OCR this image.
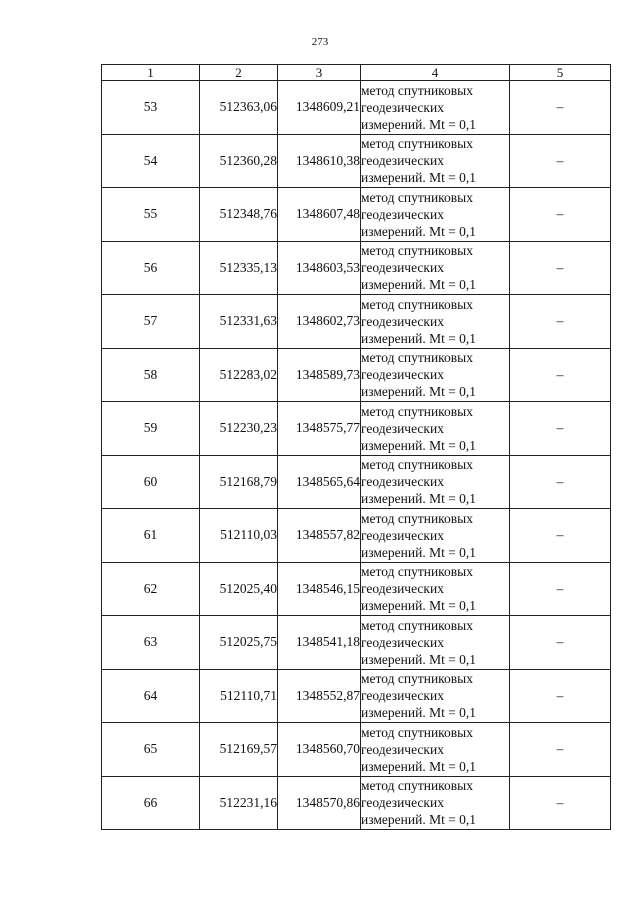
273
1	2	3	4	5
53	512363,06	1348609,21	метод спутниковых
геодезических
измерений. Mt = 0,1	–
54	512360,28	1348610,38	метод спутниковых
геодезических
измерений. Mt = 0,1	–
55	512348,76	1348607,48	метод спутниковых
геодезических
измерений. Mt = 0,1	–
56	512335,13	1348603,53	метод спутниковых
геодезических
измерений. Mt = 0,1	–
57	512331,63	1348602,73	метод спутниковых
геодезических
измерений. Mt = 0,1	–
58	512283,02	1348589,73	метод спутниковых
геодезических
измерений. Mt = 0,1	–
59	512230,23	1348575,77	метод спутниковых
геодезических
измерений. Mt = 0,1	–
60	512168,79	1348565,64	метод спутниковых
геодезических
измерений. Mt = 0,1	–
61	512110,03	1348557,82	метод спутниковых
геодезических
измерений. Mt = 0,1	–
62	512025,40	1348546,15	метод спутниковых
геодезических
измерений. Mt = 0,1	–
63	512025,75	1348541,18	метод спутниковых
геодезических
измерений. Mt = 0,1	–
64	512110,71	1348552,87	метод спутниковых
геодезических
измерений. Mt = 0,1	–
65	512169,57	1348560,70	метод спутниковых
геодезических
измерений. Mt = 0,1	–
66	512231,16	1348570,86	метод спутниковых
геодезических
измерений. Mt = 0,1	–
